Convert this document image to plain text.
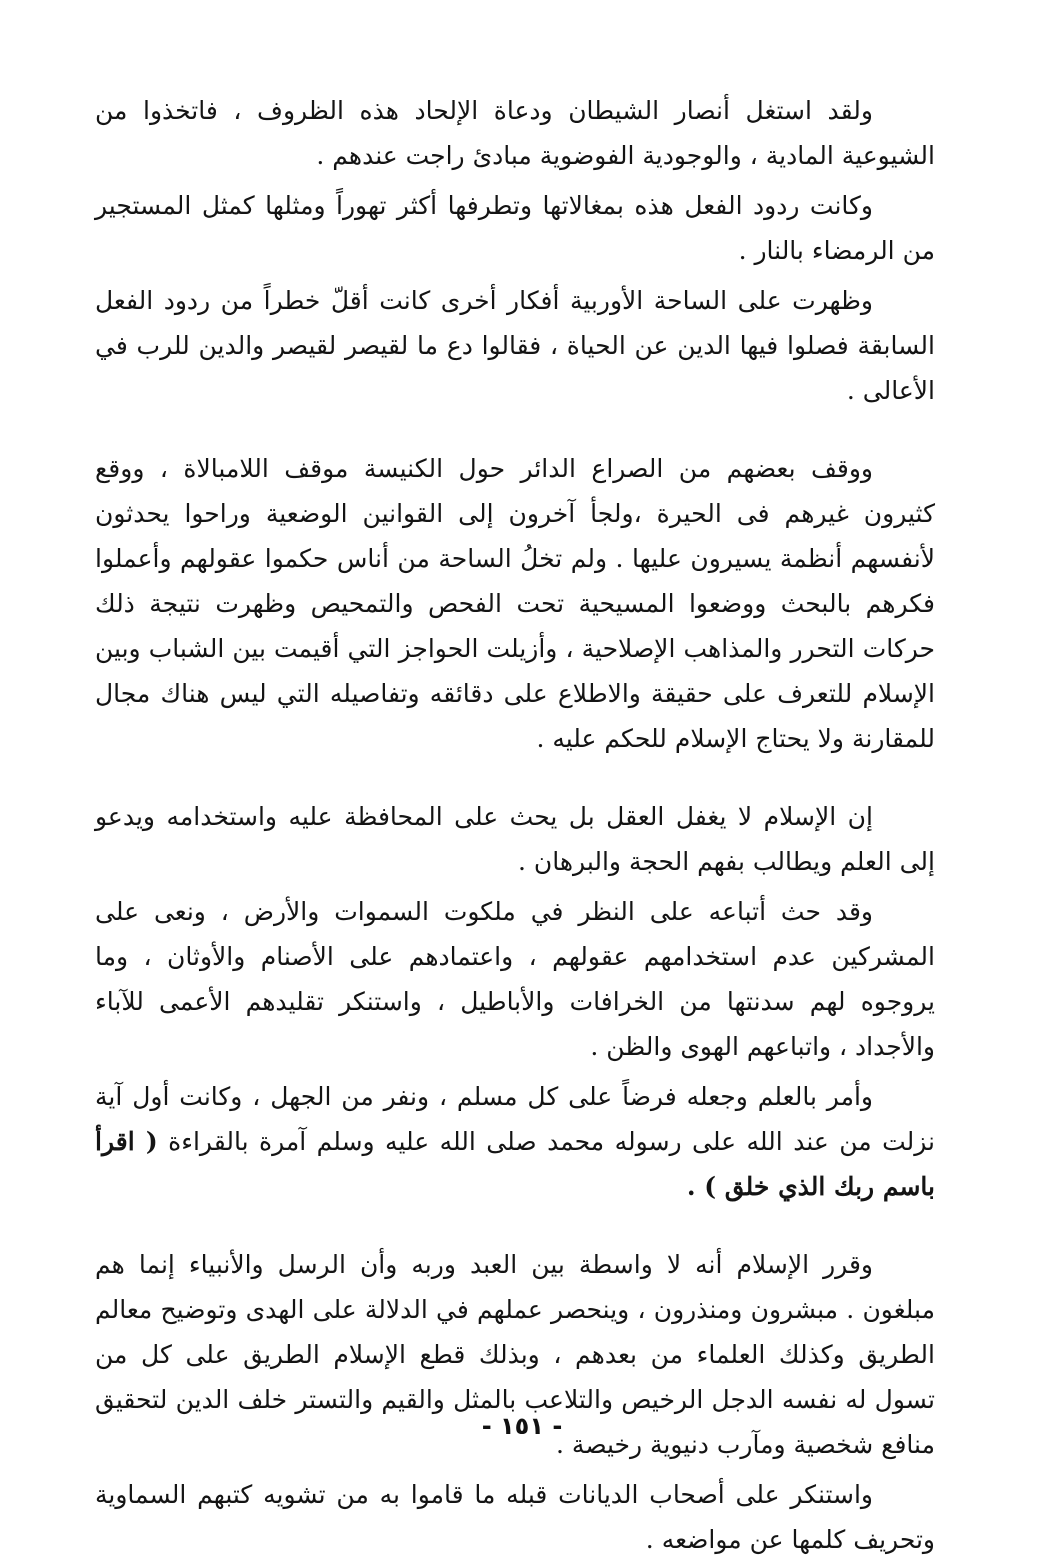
ولقد استغل أنصار الشيطان ودعاة الإلحاد هذه الظروف ، فاتخذوا من الشيوعية المادية ، والوجودية الفوضوية مبادئ راجت عندهم .

وكانت ردود الفعل هذه بمغالاتها وتطرفها أكثر تهوراً ومثلها كمثل المستجير من الرمضاء بالنار .

وظهرت على الساحة الأوربية أفكار أخرى كانت أقلّ خطراً من ردود الفعل السابقة فصلوا فيها الدين عن الحياة ، فقالوا دع ما لقيصر لقيصر والدين للرب في الأعالى .

ووقف بعضهم من الصراع الدائر حول الكنيسة موقف اللامبالاة ، ووقع كثيرون غيرهم فى الحيرة ،ولجأ آخرون إلى القوانين الوضعية وراحوا يحدثون لأنفسهم أنظمة يسيرون عليها . ولم تخلُ الساحة من أناس حكموا عقولهم وأعملوا فكرهم بالبحث ووضعوا المسيحية تحت الفحص والتمحيص وظهرت نتيجة ذلك حركات التحرر والمذاهب الإصلاحية ، وأزيلت الحواجز التي أقيمت بين الشباب وبين الإسلام للتعرف على حقيقة والاطلاع على دقائقه وتفاصيله التي ليس هناك مجال للمقارنة ولا يحتاج الإسلام للحكم عليه .

إن الإسلام لا يغفل العقل بل يحث على المحافظة عليه واستخدامه ويدعو إلى العلم ويطالب بفهم الحجة والبرهان .

وقد حث أتباعه على النظر في ملكوت السموات والأرض ، ونعى على المشركين عدم استخدامهم عقولهم ، واعتمادهم على الأصنام والأوثان ، وما يروجوه لهم سدنتها من الخرافات والأباطيل ، واستنكر تقليدهم الأعمى للآباء والأجداد ، واتباعهم الهوى والظن .

وأمر بالعلم وجعله فرضاً على كل مسلم ، ونفر من الجهل ، وكانت أول آية نزلت من عند الله على رسوله محمد صلى الله عليه وسلم آمرة بالقراءة ( اقرأ باسم ربك الذي خلق ) .

وقرر الإسلام أنه لا واسطة بين العبد وربه وأن الرسل والأنبياء إنما هم مبلغون . مبشرون ومنذرون ، وينحصر عملهم في الدلالة على الهدى وتوضيح معالم الطريق وكذلك العلماء من بعدهم ، وبذلك قطع الإسلام الطريق على كل من تسول له نفسه الدجل الرخيص والتلاعب بالمثل والقيم والتستر خلف الدين لتحقيق منافع شخصية ومآرب دنيوية رخيصة .

واستنكر على أصحاب الديانات قبله ما قاموا به من تشويه كتبهم السماوية وتحريف كلمها عن مواضعه .

- ١٥١ -
